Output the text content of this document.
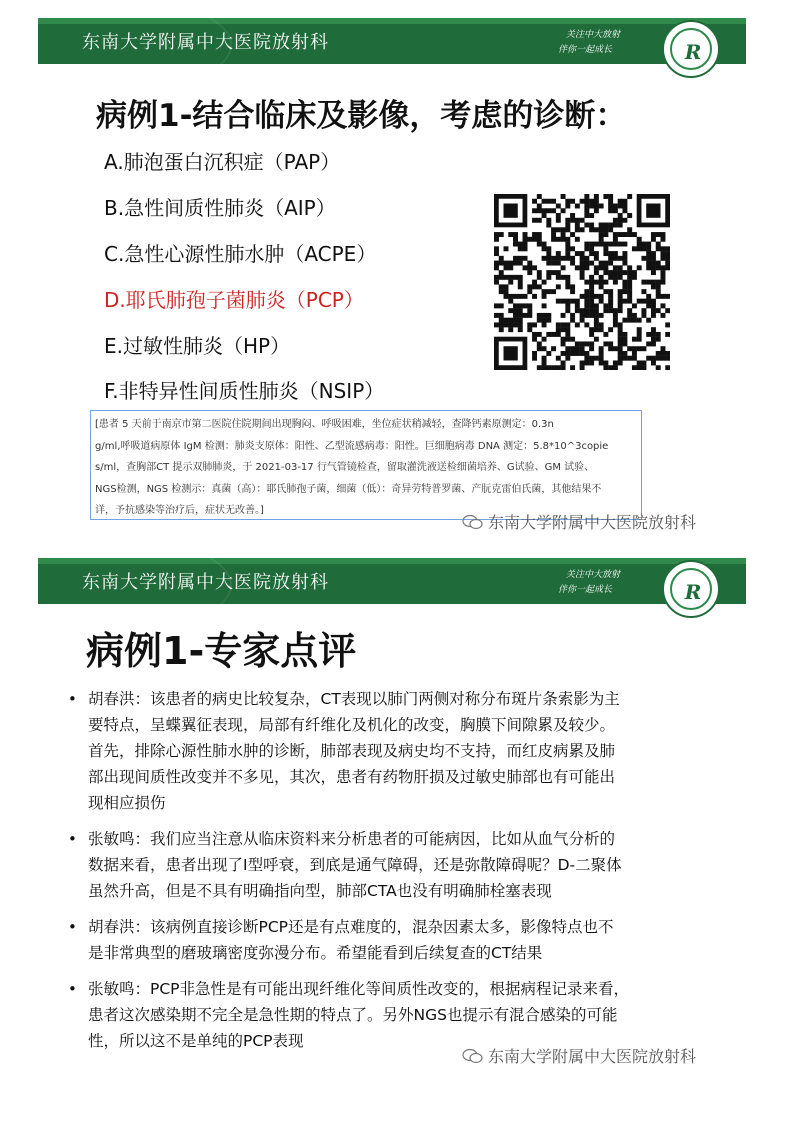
东南大学附属中大医院放射科	关注中大放射
伴你一起成长	R
病例1-结合临床及影像，考虑的诊断：
A.肺泡蛋白沉积症（PAP）
B.急性间质性肺炎（AIP）
C.急性心源性肺水肿（ACPE）
D.耶氏肺孢子菌肺炎（PCP）
E.过敏性肺炎（HP）
F.非特异性间质性肺炎（NSIP）
[患者 5 天前于南京市第二医院住院期间出现胸闷、呼吸困难，坐位症状稍减轻，查降钙素原测定：0.3n
g/ml,呼吸道病原体 IgM 检测：肺炎支原体：阳性、乙型流感病毒：阳性。巨细胞病毒 DNA 测定：5.8*10^3copie
s/ml，查胸部CT 提示双肺肺炎，于 2021-03-17 行气管镜检查，留取灌洗液送检细菌培养、G试验、GM 试验、
NGS检测，NGS 检测示：真菌（高）：耶氏肺孢子菌，细菌（低）：奇异劳特普罗菌、产朊克雷伯氏菌，其他结果不
详，予抗感染等治疗后，症状无改善。]
东南大学附属中大医院放射科
东南大学附属中大医院放射科	关注中大放射
伴你一起成长	R
病例1-专家点评
• 胡春洪：该患者的病史比较复杂，CT表现以肺门两侧对称分布斑片条索影为主
要特点，呈蝶翼征表现，局部有纤维化及机化的改变，胸膜下间隙累及较少。
首先，排除心源性肺水肿的诊断，肺部表现及病史均不支持，而红皮病累及肺
部出现间质性改变并不多见，其次，患者有药物肝损及过敏史肺部也有可能出
现相应损伤
• 张敏鸣：我们应当注意从临床资料来分析患者的可能病因，比如从血气分析的
数据来看，患者出现了I型呼衰，到底是通气障碍，还是弥散障碍呢？D-二聚体
虽然升高，但是不具有明确指向型，肺部CTA也没有明确肺栓塞表现
• 胡春洪：该病例直接诊断PCP还是有点难度的，混杂因素太多，影像特点也不
是非常典型的磨玻璃密度弥漫分布。希望能看到后续复查的CT结果
• 张敏鸣：PCP非急性是有可能出现纤维化等间质性改变的，根据病程记录来看，
患者这次感染期不完全是急性期的特点了。另外NGS也提示有混合感染的可能
性，所以这不是单纯的PCP表现
东南大学附属中大医院放射科
